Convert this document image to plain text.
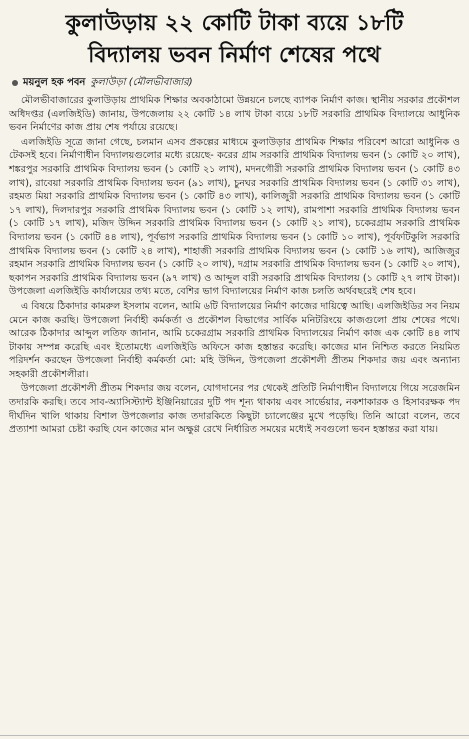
কুলাউড়ায় ২২ কোটি টাকা ব্যয়ে ১৮টি
বিদ্যালয় ভবন নির্মাণ শেষের পথে
ময়নুল হক পবন কুলাউড়া (মৌলভীবাজার)

মৌলভীবাজারের কুলাউড়ায় প্রাথমিক শিক্ষার অবকাঠামো উন্নয়নে চলছে ব্যাপক নির্মাণ কাজ। স্থানীয় সরকার প্রকৌশল অধিদপ্তর (এলজিইডি) জানায়, উপজেলায় ২২ কোটি ১৪ লাখ টাকা ব্যয়ে ১৮টি সরকারি প্রাথমিক বিদ্যালয়ে আধুনিক ভবন নির্মাণের কাজ প্রায় শেষ পর্যায়ে রয়েছে।

এলজিইডি সূত্রে জানা গেছে, চলমান এসব প্রকল্পের মাধ্যমে কুলাউড়ার প্রাথমিক শিক্ষার পরিবেশ আরো আধুনিক ও টেকসই হবে। নির্মাণাধীন বিদ্যালয়গুলোর মধ্যে রয়েছে- করের গ্রাম সরকারি প্রাথমিক বিদ্যালয় ভবন (১ কোটি ২০ লাখ), শঙ্করপুর সরকারি প্রাথমিক বিদ্যালয় ভবন (১ কোটি ২১ লাখ), মদনগৌরী সরকারি প্রাথমিক বিদ্যালয় ভবন (১ কোটি ৪৩ লাখ), রাবেয়া সরকারি প্রাথমিক বিদ্যালয় ভবন (৯১ লাখ), চুনঘর সরকারি প্রাথমিক বিদ্যালয় ভবন (১ কোটি ৩১ লাখ), রহমত মিয়া সরকারি প্রাথমিক বিদ্যালয় ভবন (১ কোটি ৪৩ লাখ), কালিজুরী সরকারি প্রাথমিক বিদ্যালয় ভবন (১ কোটি ১৭ লাখ), দিলদারপুর সরকারি প্রাথমিক বিদ্যালয় ভবন (১ কোটি ১২ লাখ), রামপাশা সরকারি প্রাথমিক বিদ্যালয় ভবন (১ কোটি ১৭ লাখ), মজিদ উদ্দিন সরকারি প্রাথমিক বিদ্যালয় ভবন (১ কোটি ২১ লাখ), চকেরগ্রাম সরকারি প্রাথমিক বিদ্যালয় ভবন (১ কোটি ৪৪ লাখ), পূর্বভাগ সরকারি প্রাথমিক বিদ্যালয় ভবন (১ কোটি ১০ লাখ), পূর্বফটিকুলি সরকারি প্রাথমিক বিদ্যালয় ভবন (১ কোটি ২৪ লাখ), শাহাজী সরকারি প্রাথমিক বিদ্যালয় ভবন (১ কোটি ১৬ লাখ), আজিজুর রহমান সরকারি প্রাথমিক বিদ্যালয় ভবন (১ কোটি ২০ লাখ), দগ্রাম সরকারি প্রাথমিক বিদ্যালয় ভবন (১ কোটি ২০ লাখ), ছকাপন সরকারি প্রাথমিক বিদ্যালয় ভবন (৯৭ লাখ) ও আব্দুল বারী সরকারি প্রাথমিক বিদ্যালয় (১ কোটি ২৭ লাখ টাকা)। উপজেলা এলজিইডি কার্যালয়ের তথ্য মতে, বেশির ভাগ বিদ্যালয়ের নির্মাণ কাজ চলতি অর্থবছরেই শেষ হবে।

এ বিষয়ে ঠিকাদার কামরুল ইসলাম বলেন, আমি ৬টি বিদ্যালয়ের নির্মাণ কাজের দায়িত্বে আছি। এলজিইডির সব নিয়ম মেনে কাজ করছি। উপজেলা নির্বাহী কর্মকর্তা ও প্রকৌশল বিভাগের সার্বিক মনিটরিংয়ে কাজগুলো প্রায় শেষের পথে। আরেক ঠিকাদার আব্দুল লতিফ জানান, আমি চকেরগ্রাম সরকারি প্রাথমিক বিদ্যালয়ের নির্মাণ কাজ এক কোটি ৪৪ লাখ টাকায় সম্পন্ন করেছি এবং ইতোমধ্যে এলজিইডি অফিসে কাজ হস্তান্তর করেছি। কাজের মান নিশ্চিত করতে নিয়মিত পরিদর্শন করছেন উপজেলা নির্বাহী কর্মকর্তা মো: মহি উদ্দিন, উপজেলা প্রকৌশলী প্রীতম শিকদার জয় এবং অন্যান্য সহকারী প্রকৌশলীরা।

উপজেলা প্রকৌশলী প্রীতম শিকদার জয় বলেন, যোগদানের পর থেকেই প্রতিটি নির্মাণাধীন বিদ্যালয়ে গিয়ে সরেজমিন তদারকি করছি। তবে সাব-অ্যাসিস্ট্যান্ট ইঞ্জিনিয়ারের দুটি পদ শূন্য থাকায় এবং সার্ভেয়ার, নকশাকারক ও হিসাবরক্ষক পদ দীর্ঘদিন খালি থাকায় বিশাল উপজেলার কাজ তদারকিতে কিছুটা চ্যালেঞ্জের মুখে পড়েছি। তিনি আরো বলেন, তবে প্রত্যাশা আমরা চেষ্টা করছি যেন কাজের মান অক্ষুণ্ণ রেখে নির্ধারিত সময়ের মধ্যেই সবগুলো ভবন হস্তান্তর করা যায়।
